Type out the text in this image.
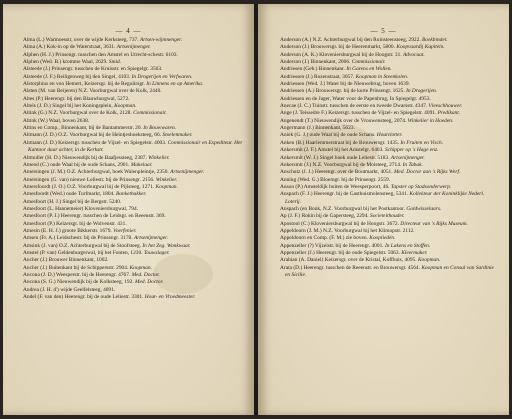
— 4 —
Alma (L.) Warmoesstr, over de wijde Kerksteeg, 737. Artsen-wijnmenger.
Alma (A.) Kok-in op de Waterstraat, 3631. Artsenijmenger.
Alphen (H. J.) Prinsengr. tusschen den Amstel en Utrecht-schestr. 6103.
Alphen (Wed. B.) kromme Waal, 2629. Smid.
Alsteede (J.) Prinsengr. tusschen de Kruisstr. en Spiegelgr. 3563.
Alsteede (J. F.) Reiligenweg bij den Singel, 4103. In Drogerijen en Verfwaren.
Alstorphius en von Hemert, Keizersgr. bij de Regulirsgr. In Linnens en op Amerika.
Alsten (M. van Beijeren) N.Z. Voorburgwal over de Kolk, 2440.
Altes (P.) Heerengr. bij den Blauwburgwal, 5272.
Altels (J. D.) Singel bij het Koningsplein, Koopman.
Altink (G.) N.Z. Voorburgwal over de Kolk, 2128. Commissionair.
Altink (W.) Waal, boven 2638.
Altins en Comp., Binnenkant, bij de Bantammerstr. 20. In Bouwwaren.
Altmann (J. D.) O.Z. Voorburgwal bij de Heintjeshoeksteeg, 66. Stoelenmaker.
Altmann (J. D.) Keizersgr. tusschen de Vijzel- en Spiegelstr. 4003. Commissionair en Expediteur. Het Kantoor daar achter, in de Kerkstr.
Altmuller (H. D.) Nieuwendijk bij de Baafjessteeg, 2387. Winkelier.
Amend (C.) oude Waal bij de oude Schans, 2901. Makelaar.
Amersingen (J. M.) O.Z. Achterburgwal, hoek Walenpleintje, 2350. Artsenijmenger.
Amersingen (G. van) nieuwe Leliestr. bij de Prinsengr. 2156. Winkelier.
Amersfoordt (J. O.) O.Z. Voorburgwal bij de Pijlsteeg, 1271. Koopman.
Amesfoordt (Wed.) oude Turfmarkt, 1804. Bankethakker.
Amesfoort (H. J.) Singel bij de Bergstr. 5240.
Amesfoort (L. Hannemeier) Kloveniersburgwal, 794.
Amesfoort (P. J.) Heerengr. tusschen de Leidsgr. en Reeenstr. 369.
Amesfoort (P.) Keizersgr. bij de Wolvenstr. 431.
Amesin (E. H. J.) groote Bikkerstr. 1679. Voerfenier.
Amsen (Fr. A.) Leidschestr. bij de Prinsengr. 3178. Artsenijmenger.
Amsink (J. van) O.Z. Achterburgwal bij de Stoofsteeg. In het Zeg. Wonkwaar.
Amstel (P. van) Geldenburgerwal, bij het Fonten, 1230. Touwslager.
Ancher (J.) Brouwer Binnenkant, 1002.
Ancher (J.) Buitenkant bij de Schippersstr. 2904. Koopman.
Ancona (J. D.) Weesperstr. bij de Heerengr. 4767. Med. Doctor.
Ancona (S. G.) Nieuwendijk bij de Kolksteeg, 192. Med. Doctor.
Andrea (J. H. d') wijde Geelfelsteeg, 4891.
Andel (F. van den) Heerengr. bij de oude Leliestr. 3301. Hout- en Vroedmeester.
— 5 —
Anderson (A.) N.Z. Achterburgwal bij den Ruinsteensteeg, 2922. Boekbinder.
Anderson (J.) Brouwersgr. bij de Heerenmarkt, 5800. Koopvaardij Kapitein.
Anderson (A. K.) Kloveniersburgwal bij de Hoogstr. 31. Advocaat.
Anderson (J.) Binnenkant, 2006. Commissionair.
Andriesen (Geb.) Binnenkant. In Garens en Wollen.
Andriessen (J.) Rozenstraat, 3057. Koopman in Steenkolen.
Andriessen (Wed. J.) Water bij de Nieuwebrug, boven 1639.
Andriessen (A.) Brouwersgr. bij de korte Prinsengr. 1625. In Drogerijen.
Andriessen en de Jager, Water voor de Papenbrug, In Spiegelgr. 4953.
Anecae (J. C.) Tuinstr. tusschen de eerste en tweede Dwarsstr. 4347. Vleeschhouwer.
Ange (J. Teissedre F.) Keizersgr. tusschen de Vijzel- en Spiegelstr. 4091. Predikant.
Angenendt (T.) Nieuwendijk over de Vrouwensteeg, 2074. Winkelier in Hoeden.
Angermann (J.) Binnenkant, 5623.
Aniek (G. J.) oude Waal bij de oude Schans. Houtvlotter.
Anken (B.) Haarlemmerstraat bij de Brouwersgr. 1435. In Fruiten en Visch.
Ankersmit (J. F.) Amstel bij het Amstelgr. 6403. Schipper op 's Hage enz.
Ankersmit (W. J.) Singel hoek oude Leliestr. 5183. Artsenijmenger.
Ankersmit (J.) N.Z. Voorburgwal bij de Molsteeg, 2714. In Tabak.
Anschutz (J. J.) Heerengr. over de Boutmarkt, 4051. Med. Doctor aan 's Rijks Werf.
Anning (Wed. G.) Bloemgr. bij de Prinsengr. 2559.
Anson (P.) Amsteldijk buiten de Weesperpoort, 46. Tapster op Stadsonderwerp.
Anspach (F. J.) Heerengr. bij de Gasthuismolensteeg, 5341. Kollekteur der Koninklijke Nederl. Loterij.
Anspach (en Bonk, N.Z. Voorburgwal bij het Postkantoor. Goldwisselaars.
Ap (J. F.) Rokin bij de Gapersteeg, 2294. Societeithouder.
Apostool (C.) Kloveniersburgwal bij de Hoogstr. 3672. Directeur van 's Rijks Museum.
Appeldoorn (J. M.) N.Z. Voorburgwal bij het Klimopstr. 2112.
Appeldoorn en Comp. (F. M.) zie boven. Koopliedén.
Appenzeller (?) Vijzelstr. bij de Heerengr. 4001. In Lakens en Stoffen.
Appenzeller (J.) Heerengr. bij de oude Spiegelstr. 5063. Kleermaker.
Arabian (A. Daniel) Keizersgr. over de Kristal, Koffhuis, 4095. Koopman.
Arata (D.) Heerengr. tusschen de Reeenstr. en Brouwersgr. 4564. Koopman en Consul van Sardinie en Sicilie.
